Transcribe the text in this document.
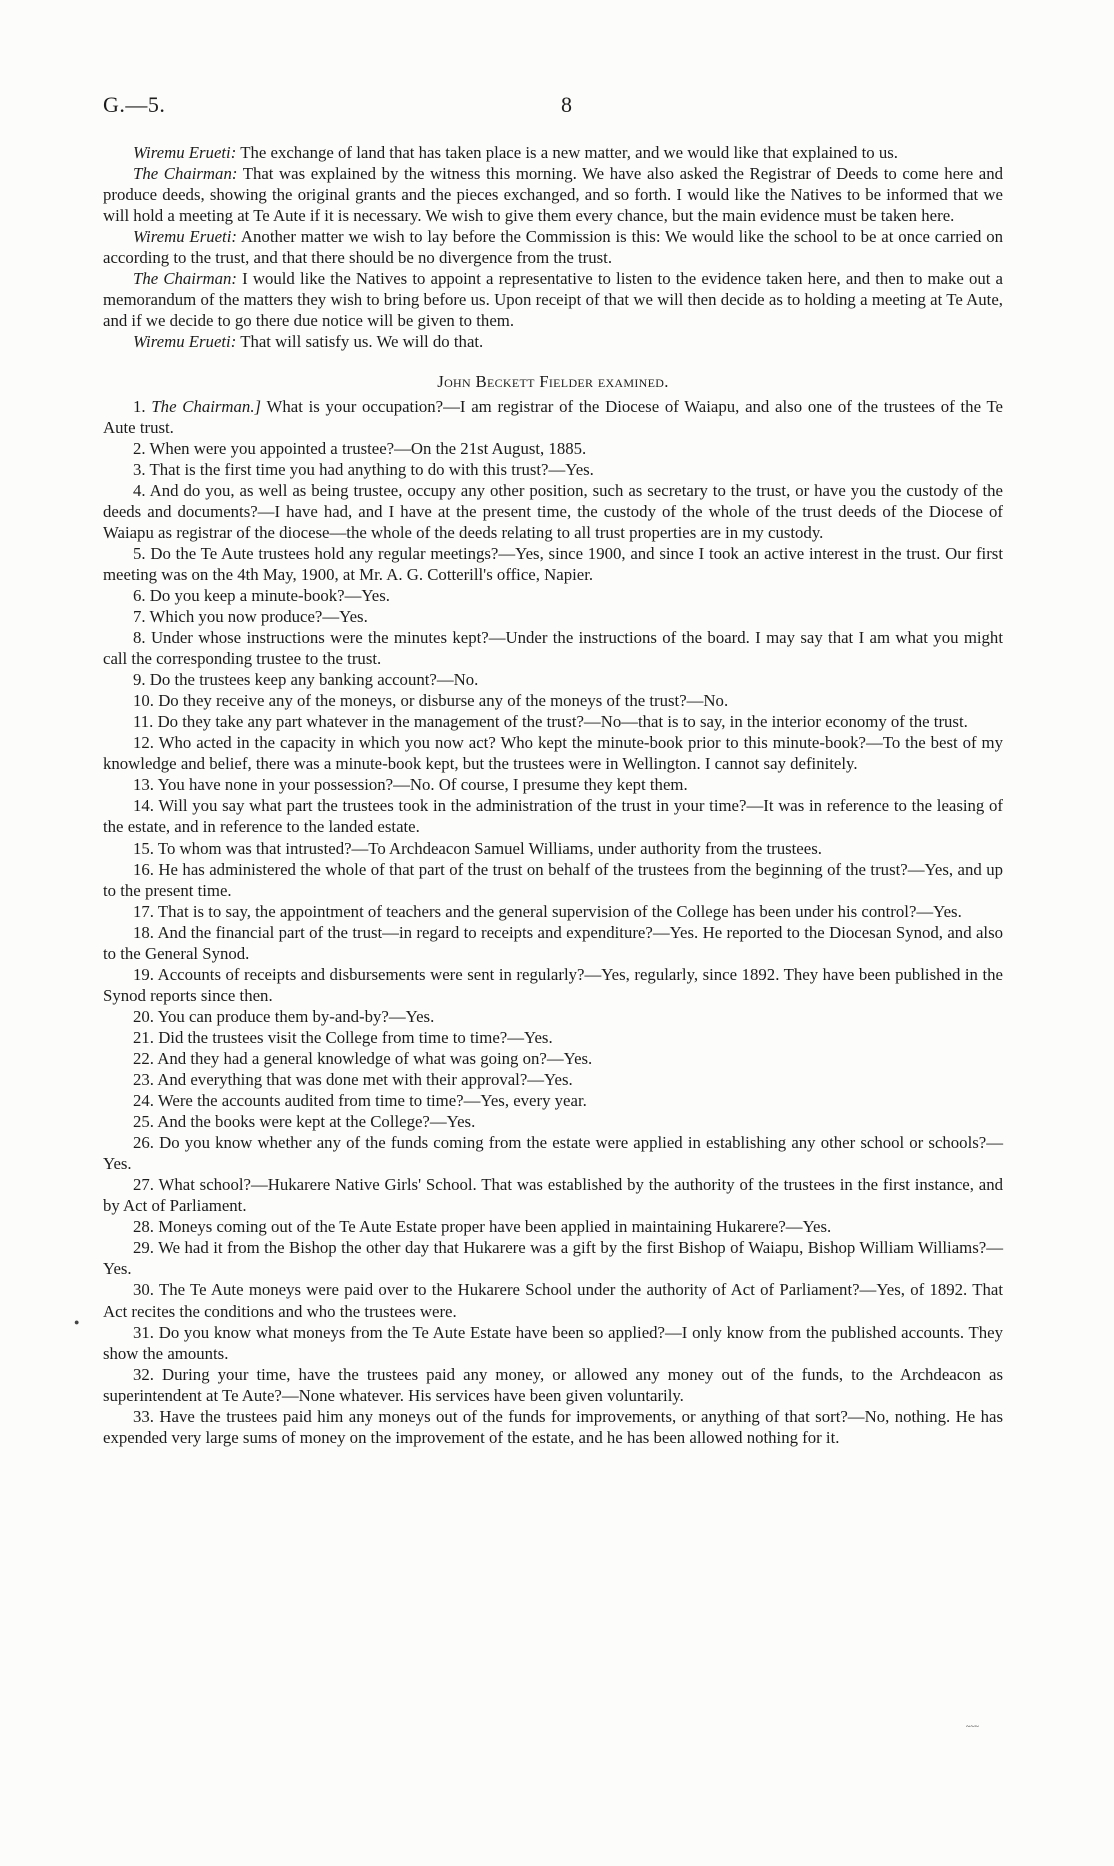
G.—5.	8

Wiremu Erueti: The exchange of land that has taken place is a new matter, and we would like that explained to us.

The Chairman: That was explained by the witness this morning. We have also asked the Registrar of Deeds to come here and produce deeds, showing the original grants and the pieces exchanged, and so forth. I would like the Natives to be informed that we will hold a meeting at Te Aute if it is necessary. We wish to give them every chance, but the main evidence must be taken here.

Wiremu Erueti: Another matter we wish to lay before the Commission is this: We would like the school to be at once carried on according to the trust, and that there should be no divergence from the trust.

The Chairman: I would like the Natives to appoint a representative to listen to the evidence taken here, and then to make out a memorandum of the matters they wish to bring before us. Upon receipt of that we will then decide as to holding a meeting at Te Aute, and if we decide to go there due notice will be given to them.

Wiremu Erueti: That will satisfy us. We will do that.

John Beckett Fielder examined.

1. The Chairman.] What is your occupation?—I am registrar of the Diocese of Waiapu, and also one of the trustees of the Te Aute trust.

2. When were you appointed a trustee?—On the 21st August, 1885.

3. That is the first time you had anything to do with this trust?—Yes.

4. And do you, as well as being trustee, occupy any other position, such as secretary to the trust, or have you the custody of the deeds and documents?—I have had, and I have at the present time, the custody of the whole of the trust deeds of the Diocese of Waiapu as registrar of the diocese—the whole of the deeds relating to all trust properties are in my custody.

5. Do the Te Aute trustees hold any regular meetings?—Yes, since 1900, and since I took an active interest in the trust. Our first meeting was on the 4th May, 1900, at Mr. A. G. Cotterill's office, Napier.

6. Do you keep a minute-book?—Yes.

7. Which you now produce?—Yes.

8. Under whose instructions were the minutes kept?—Under the instructions of the board. I may say that I am what you might call the corresponding trustee to the trust.

9. Do the trustees keep any banking account?—No.

10. Do they receive any of the moneys, or disburse any of the moneys of the trust?—No.

11. Do they take any part whatever in the management of the trust?—No—that is to say, in the interior economy of the trust.

12. Who acted in the capacity in which you now act? Who kept the minute-book prior to this minute-book?—To the best of my knowledge and belief, there was a minute-book kept, but the trustees were in Wellington. I cannot say definitely.

13. You have none in your possession?—No. Of course, I presume they kept them.

14. Will you say what part the trustees took in the administration of the trust in your time?—It was in reference to the leasing of the estate, and in reference to the landed estate.

15. To whom was that intrusted?—To Archdeacon Samuel Williams, under authority from the trustees.

16. He has administered the whole of that part of the trust on behalf of the trustees from the beginning of the trust?—Yes, and up to the present time.

17. That is to say, the appointment of teachers and the general supervision of the College has been under his control?—Yes.

18. And the financial part of the trust—in regard to receipts and expenditure?—Yes. He reported to the Diocesan Synod, and also to the General Synod.

19. Accounts of receipts and disbursements were sent in regularly?—Yes, regularly, since 1892. They have been published in the Synod reports since then.

20. You can produce them by-and-by?—Yes.

21. Did the trustees visit the College from time to time?—Yes.

22. And they had a general knowledge of what was going on?—Yes.

23. And everything that was done met with their approval?—Yes.

24. Were the accounts audited from time to time?—Yes, every year.

25. And the books were kept at the College?—Yes.

26. Do you know whether any of the funds coming from the estate were applied in establishing any other school or schools?—Yes.

27. What school?—Hukarere Native Girls' School. That was established by the authority of the trustees in the first instance, and by Act of Parliament.

28. Moneys coming out of the Te Aute Estate proper have been applied in maintaining Hukarere?—Yes.

29. We had it from the Bishop the other day that Hukarere was a gift by the first Bishop of Waiapu, Bishop William Williams?—Yes.

30. The Te Aute moneys were paid over to the Hukarere School under the authority of Act of Parliament?—Yes, of 1892. That Act recites the conditions and who the trustees were.

31. Do you know what moneys from the Te Aute Estate have been so applied?—I only know from the published accounts. They show the amounts.

32. During your time, have the trustees paid any money, or allowed any money out of the funds, to the Archdeacon as superintendent at Te Aute?—None whatever. His services have been given voluntarily.

33. Have the trustees paid him any moneys out of the funds for improvements, or anything of that sort?—No, nothing. He has expended very large sums of money on the improvement of the estate, and he has been allowed nothing for it.

●
~~~
